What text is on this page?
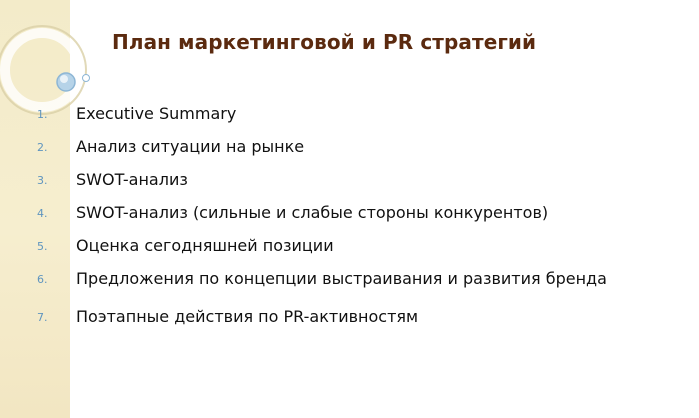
План маркетинговой и PR стратегий
1. Executive Summary
2. Анализ ситуации на рынке
3. SWOT-анализ
4. SWOT-анализ (сильные и слабые стороны конкурентов)
5. Оценка сегодняшней позиции
6. Предложения по концепции выстраивания и развития бренда
7. Поэтапные действия по PR-активностям
